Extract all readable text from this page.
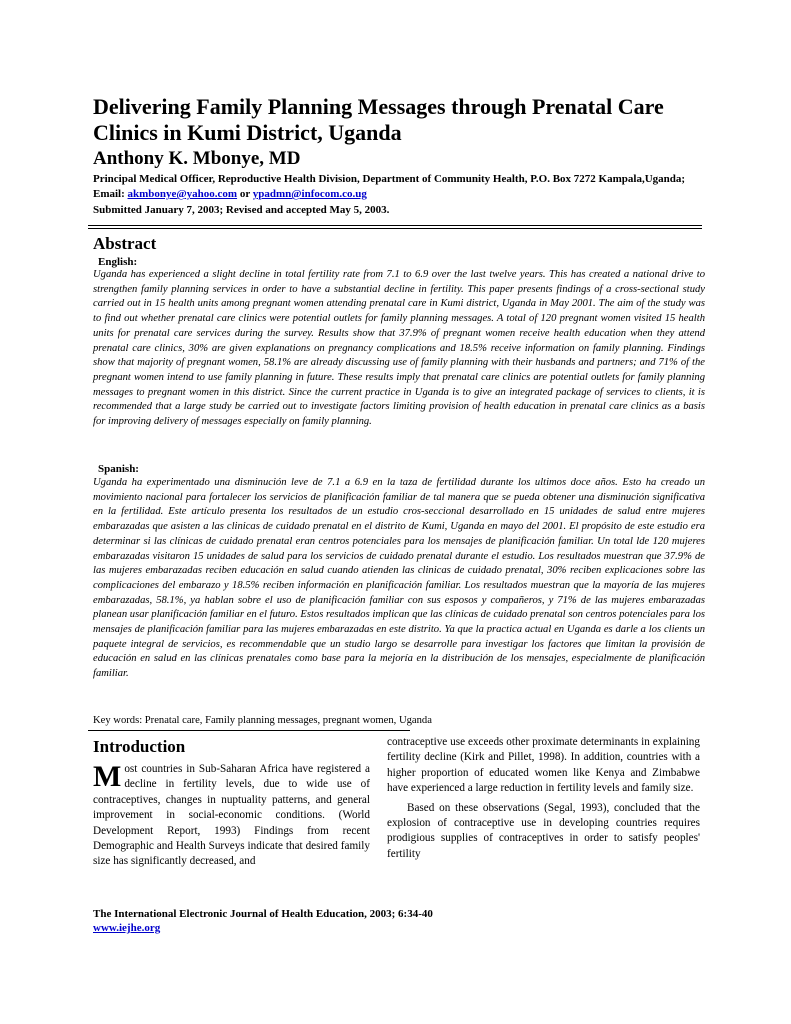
Delivering Family Planning Messages through Prenatal Care Clinics in Kumi District, Uganda
Anthony K. Mbonye, MD
Principal Medical Officer, Reproductive Health Division, Department of Community Health, P.O. Box 7272 Kampala,Uganda; Email: akmbonye@yahoo.com or ypadmn@infocom.co.ug
Submitted January 7, 2003; Revised and accepted May 5, 2003.
Abstract
English:
Uganda has experienced a slight decline in total fertility rate from 7.1 to 6.9 over the last twelve years. This has created a national drive to strengthen family planning services in order to have a substantial decline in fertility. This paper presents findings of a cross-sectional study carried out in 15 health units among pregnant women attending prenatal care in Kumi district, Uganda in May 2001. The aim of the study was to find out whether prenatal care clinics were potential outlets for family planning messages. A total of 120 pregnant women visited 15 health units for prenatal care services during the survey. Results show that 37.9% of pregnant women receive health education when they attend prenatal care clinics, 30% are given explanations on pregnancy complications and 18.5% receive information on family planning. Findings show that majority of pregnant women, 58.1% are already discussing use of family planning with their husbands and partners; and 71% of the pregnant women intend to use family planning in future. These results imply that prenatal care clinics are potential outlets for family planning messages to pregnant women in this district. Since the current practice in Uganda is to give an integrated package of services to clients, it is recommended that a large study be carried out to investigate factors limiting provision of health education in prenatal care clinics as a basis for improving delivery of messages especially on family planning.
Spanish:
Uganda ha experimentado una disminución leve de 7.1 a 6.9 en la taza de fertilidad durante los ultimos doce años. Esto ha creado un movimiento nacional para fortalecer los servicios de planificación familiar de tal manera que se pueda obtener una disminución significativa en la fertilidad. Este artículo presenta los resultados de un estudio cros-seccional desarrollado en 15 unidades de salud entre mujeres embarazadas que asisten a las clinicas de cuidado prenatal en el distrito de Kumi, Uganda en mayo del 2001. El propósito de este estudio era determinar si las clínicas de cuidado prenatal eran centros potenciales para los mensajes de planificación familiar. Un total lde 120 mujeres embarazadas visitaron 15 unidades de salud para los servicios de cuidado prenatal durante el estudio. Los resultados muestran que 37.9% de las mujeres embarazadas reciben educación en salud cuando atienden las clinicas de cuidado prenatal, 30% reciben explicaciones sobre las complicaciones del embarazo y 18.5% reciben información en planificación familiar. Los resultados muestran que la mayoría de las mujeres embarazadas, 58.1%, ya hablan sobre el uso de planificación familiar con sus esposos y compañeros, y 71% de las mujeres embarazadas planean usar planificación familiar en el futuro. Estos resultados implican que las clínicas de cuidado prenatal son centros potenciales para los mensajes de planificación familiar para las mujeres embarazadas en este distrito. Ya que la practica actual en Uganda es darle a los clients un paquete integral de servicios, es recommendable que un studio largo se desarrolle para investigar los factores que limitan la provisión de educación en salud en las clínicas prenatales como base para la mejoría en la distribución de los mensajes, especialmente de planificación familiar.
Key words: Prenatal care, Family planning messages, pregnant women, Uganda
Introduction
Most countries in Sub-Saharan Africa have registered a decline in fertility levels, due to wide use of contraceptives, changes in nuptuality patterns, and general improvement in social-economic conditions. (World Development Report, 1993) Findings from recent Demographic and Health Surveys indicate that desired family size has significantly decreased, and

contraceptive use exceeds other proximate determinants in explaining fertility decline (Kirk and Pillet, 1998). In addition, countries with a higher proportion of educated women like Kenya and Zimbabwe have experienced a large reduction in fertility levels and family size.

Based on these observations (Segal, 1993), concluded that the explosion of contraceptive use in developing countries requires prodigious supplies of contraceptives in order to satisfy peoples' fertility

The International Electronic Journal of Health Education, 2003; 6:34-40
www.iejhe.org
